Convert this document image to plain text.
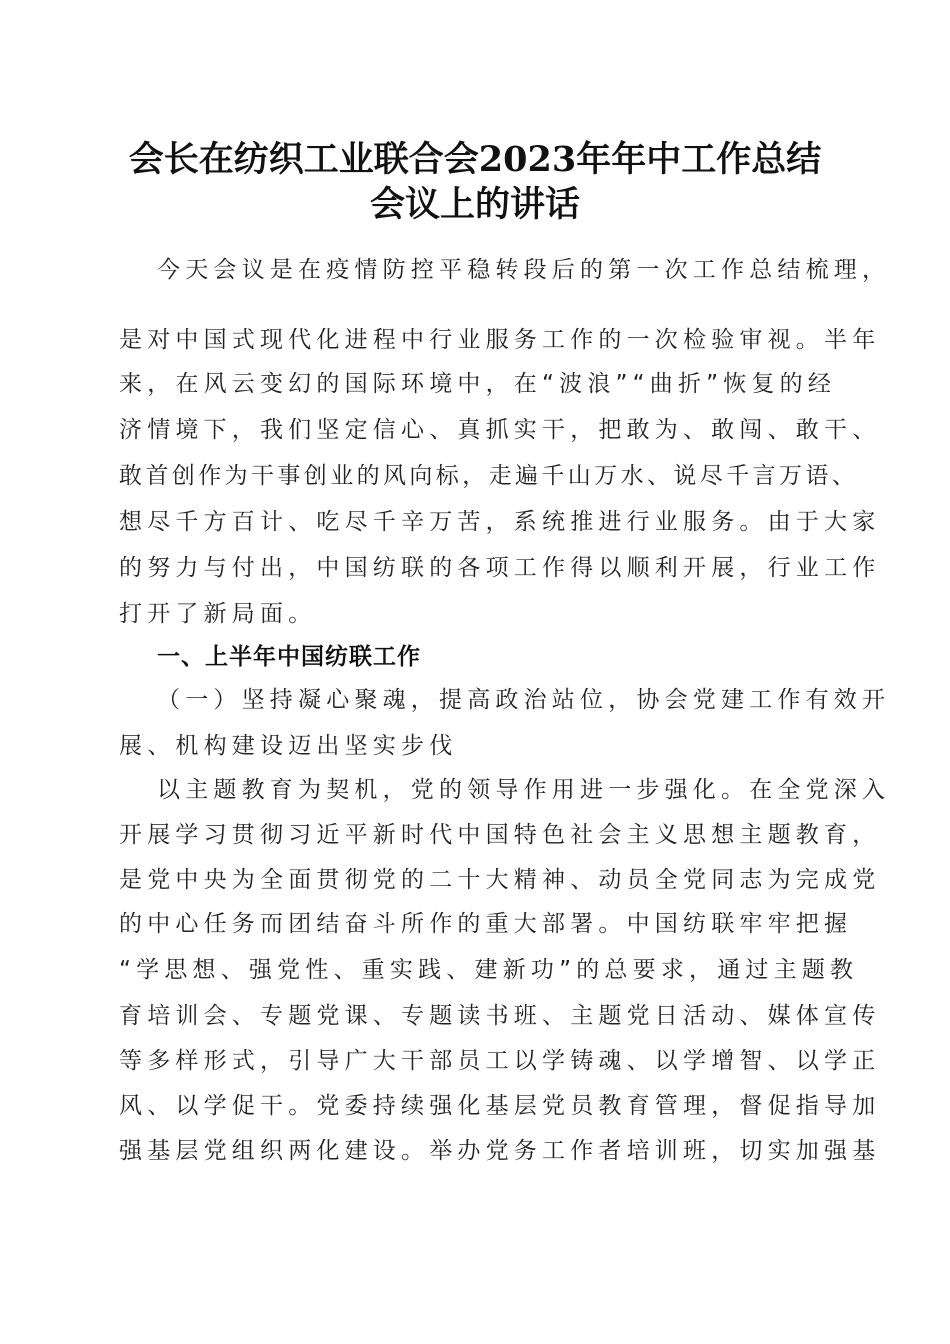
会长在纺织工业联合会2023年年中工作总结
会议上的讲话
今天会议是在疫情防控平稳转段后的第一次工作总结梳理，
是对中国式现代化进程中行业服务工作的一次检验审视。半年
来，在风云变幻的国际环境中，在“波浪”“曲折”恢复的经
济情境下，我们坚定信心、真抓实干，把敢为、敢闯、敢干、
敢首创作为干事创业的风向标，走遍千山万水、说尽千言万语、
想尽千方百计、吃尽千辛万苦，系统推进行业服务。由于大家
的努力与付出，中国纺联的各项工作得以顺利开展，行业工作
打开了新局面。
一、上半年中国纺联工作
（一）坚持凝心聚魂，提高政治站位，协会党建工作有效开
展、机构建设迈出坚实步伐
以主题教育为契机，党的领导作用进一步强化。在全党深入
开展学习贯彻习近平新时代中国特色社会主义思想主题教育，
是党中央为全面贯彻党的二十大精神、动员全党同志为完成党
的中心任务而团结奋斗所作的重大部署。中国纺联牢牢把握
“学思想、强党性、重实践、建新功”的总要求，通过主题教
育培训会、专题党课、专题读书班、主题党日活动、媒体宣传
等多样形式，引导广大干部员工以学铸魂、以学增智、以学正
风、以学促干。党委持续强化基层党员教育管理，督促指导加
强基层党组织两化建设。举办党务工作者培训班，切实加强基
